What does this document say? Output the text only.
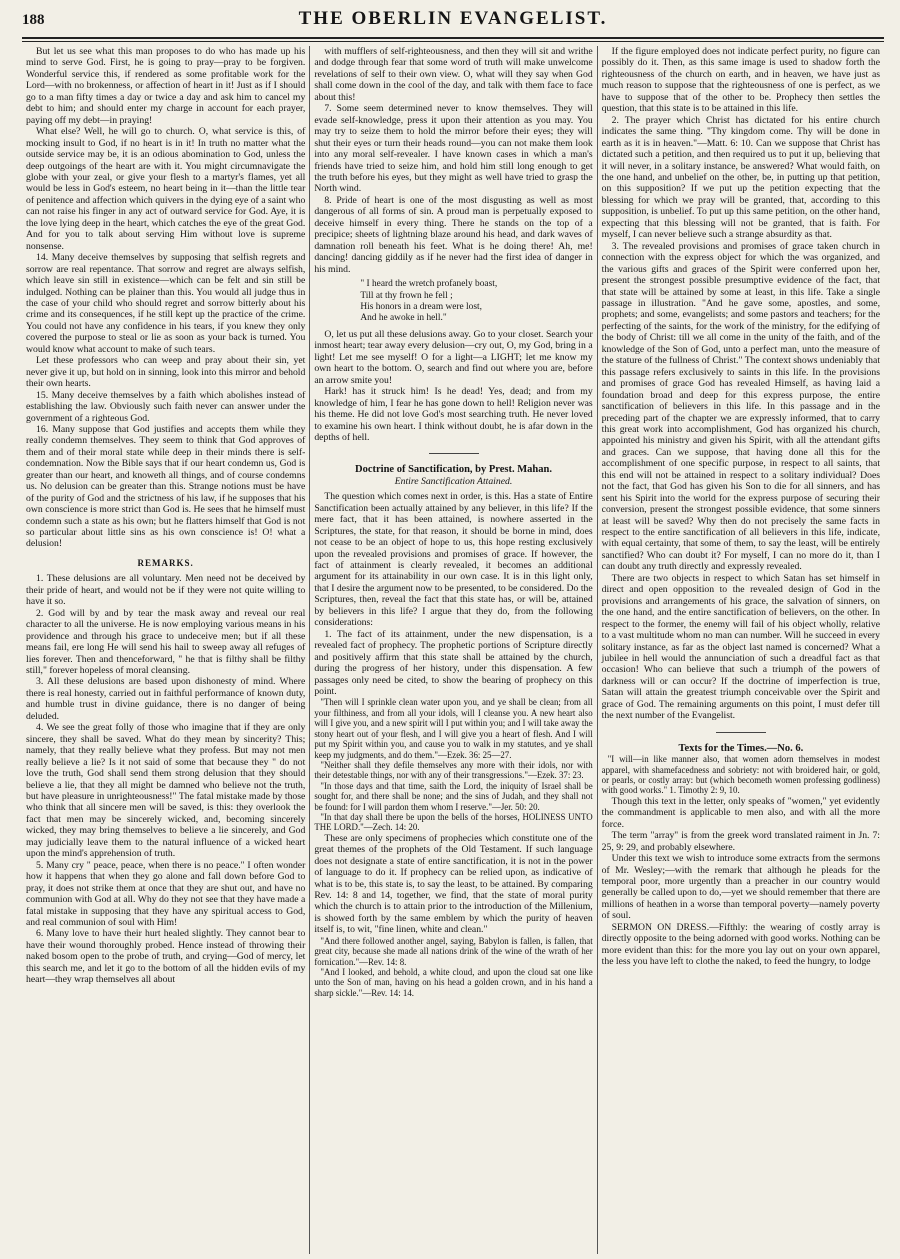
188	THE OBERLIN EVANGELIST.

But let us see what this man proposes to do who has made up his mind to serve God. First, he is going to pray—pray to be forgiven. Wonderful service this, if rendered as some profitable work for the Lord—with no brokenness, or affection of heart in it! Just as if I should go to a man fifty times a day or twice a day and ask him to cancel my debt to him; and should enter my charge in account for each prayer, paying off my debt—in praying!

What else? Well, he will go to church. O, what service is this, of mocking insult to God, if no heart is in it! In truth no matter what the outside service may be, it is an odious abomination to God, unless the deep outgoings of the heart are with it. You might circumnavigate the globe with your zeal, or give your flesh to a martyr's flames, yet all would be less in God's esteem, no heart being in it—than the little tear of penitence and affection which quivers in the dying eye of a saint who can not raise his finger in any act of outward service for God. Aye, it is the love lying deep in the heart, which catches the eye of the great God. And for you to talk about serving Him without love is supreme nonsense.

14. Many deceive themselves by supposing that selfish regrets and sorrow are real repentance. That sorrow and regret are always selfish, which leave sin still in existence—which can be felt and sin still be indulged. Nothing can be plainer than this. You would all judge thus in the case of your child who should regret and sorrow bitterly about his crime and its consequences, if he still kept up the practice of the crime. You could not have any confidence in his tears, if you knew they only covered the purpose to steal or lie as soon as your back is turned. You would know what account to make of such tears.

Let these professors who can weep and pray about their sin, yet never give it up, but hold on in sinning, look into this mirror and behold their own hearts.

15. Many deceive themselves by a faith which abolishes instead of establishing the law. Obviously such faith never can answer under the government of a righteous God.

16. Many suppose that God justifies and accepts them while they really condemn themselves. They seem to think that God approves of them and of their moral state while deep in their minds there is self-condemnation. Now the Bible says that if our heart condemn us, God is greater than our heart, and knoweth all things, and of course condemns us. No delusion can be greater than this. Strange notions must be have of the purity of God and the strictness of his law, if he supposes that his own conscience is more strict than God is. He sees that he himself must condemn such a state as his own; but he flatters himself that God is not so particular about little sins as his own conscience is! O! what a delusion!

REMARKS.

1. These delusions are all voluntary. Men need not be deceived by their pride of heart, and would not be if they were not quite willing to have it so.

2. God will by and by tear the mask away and reveal our real character to all the universe. He is now employing various means in his providence and through his grace to undeceive men; but if all these means fail, ere long He will send his hail to sweep away all refuges of lies forever. Then and thenceforward, " he that is filthy shall be filthy still," forever hopeless of moral cleansing.

3. All these delusions are based upon dishonesty of mind. Where there is real honesty, carried out in faithful performance of known duty, and humble trust in divine guidance, there is no danger of being deluded.

4. We see the great folly of those who imagine that if they are only sincere, they shall be saved. What do they mean by sincerity? This; namely, that they really believe what they profess. But may not men really believe a lie? Is it not said of some that because they " do not love the truth, God shall send them strong delusion that they should believe a lie, that they all might be damned who believe not the truth, but have pleasure in unrighteousness!" The fatal mistake made by those who think that all sincere men will be saved, is this: they overlook the fact that men may be sincerely wicked, and, becoming sincerely wicked, they may bring themselves to believe a lie sincerely, and God may judicially leave them to the natural influence of a wicked heart upon the mind's apprehension of truth.

5. Many cry " peace, peace, when there is no peace." I often wonder how it happens that when they go alone and fall down before God to pray, it does not strike them at once that they are shut out, and have no communion with God at all. Why do they not see that they have made a fatal mistake in supposing that they have any spiritual access to God, and real communion of soul with Him!

6. Many love to have their hurt healed slightly. They cannot bear to have their wound thoroughly probed. Hence instead of throwing their naked bosom open to the probe of truth, and crying—God of mercy, let this search me, and let it go to the bottom of all the hidden evils of my heart—they wrap themselves all about

with mufflers of self-righteousness, and then they will sit and writhe and dodge through fear that some word of truth will make unwelcome revelations of self to their own view. O, what will they say when God shall come down in the cool of the day, and talk with them face to face about this!

7. Some seem determined never to know themselves. They will evade self-knowledge, press it upon their attention as you may. You may try to seize them to hold the mirror before their eyes; they will shut their eyes or turn their heads round—you can not make them look into any moral self-revealer. I have known cases in which a man's friends have tried to seize him, and hold him still long enough to get the truth before his eyes, but they might as well have tried to grasp the North wind.

8. Pride of heart is one of the most disgusting as well as most dangerous of all forms of sin. A proud man is perpetually exposed to deceive himself in every thing. There he stands on the top of a precipice; sheets of lightning blaze around his head, and dark waves of damnation roll beneath his feet. What is he doing there! Ah, me! dancing! dancing giddily as if he never had the first idea of danger in his mind.

" I heard the wretch profanely boast,
Till at thy frown he fell ;
His honors in a dream were lost,
And he awoke in hell."

O, let us put all these delusions away. Go to your closet. Search your inmost heart; tear away every delusion—cry out, O, my God, bring in a light! Let me see myself! O for a light—a LIGHT; let me know my own heart to the bottom. O, search and find out where you are, before an arrow smite you!

Hark! has it struck him! Is he dead! Yes, dead; and from my knowledge of him, I fear he has gone down to hell! Religion never was his theme. He did not love God's most searching truth. He never loved to examine his own heart. I think without doubt, he is afar down in the depths of hell.

Doctrine of Sanctification, by Prest. Mahan.

Entire Sanctification Attained.

The question which comes next in order, is this. Has a state of Entire Sanctification been actually attained by any believer, in this life? If the mere fact, that it has been attained, is nowhere asserted in the Scriptures, the state, for that reason, it should be borne in mind, does not cease to be an object of hope to us, this hope resting exclusively upon the revealed provisions and promises of grace. If however, the fact of attainment is clearly revealed, it becomes an additional argument for its attainability in our own case. It is in this light only, that I desire the argument now to be presented, to be considered. Do the Scriptures, then, reveal the fact that this state has, or will be, attained by believers in this life? I argue that they do, from the following considerations:

1. The fact of its attainment, under the new dispensation, is a revealed fact of prophecy. The prophetic portions of Scripture directly and positively affirm that this state shall be attained by the church, during the progress of her history, under this dispensation. A few passages only need be cited, to show the bearing of prophecy on this point.

"Then will I sprinkle clean water upon you, and ye shall be clean; from all your filthiness, and from all your idols, will I cleanse you. A new heart also will I give you, and a new spirit will I put within you; and I will take away the stony heart out of your flesh, and I will give you a heart of flesh. And I will put my Spirit within you, and cause you to walk in my statutes, and ye shall keep my judgments, and do them."—Ezek. 36: 25—27.

"Neither shall they defile themselves any more with their idols, nor with their detestable things, nor with any of their transgressions."—Ezek. 37: 23.

"In those days and that time, saith the Lord, the iniquity of Israel shall be sought for, and there shall be none; and the sins of Judah, and they shall not be found: for I will pardon them whom I reserve."—Jer. 50: 20.

"In that day shall there be upon the bells of the horses, HOLINESS UNTO THE LORD."—Zech. 14: 20.

These are only specimens of prophecies which constitute one of the great themes of the prophets of the Old Testament. If such language does not designate a state of entire sanctification, it is not in the power of language to do it. If prophecy can be relied upon, as indicative of what is to be, this state is, to say the least, to be attained. By comparing Rev. 14: 8 and 14, together, we find, that the state of moral purity which the church is to attain prior to the introduction of the Millenium, is showed forth by the same emblem by which the purity of heaven itself is, to wit, "fine linen, white and clean."

"And there followed another angel, saying, Babylon is fallen, is fallen, that great city, because she made all nations drink of the wine of the wrath of her fornication."—Rev. 14: 8.

"And I looked, and behold, a white cloud, and upon the cloud sat one like unto the Son of man, having on his head a golden crown, and in his hand a sharp sickle."—Rev. 14: 14.

If the figure employed does not indicate perfect purity, no figure can possibly do it. Then, as this same image is used to shadow forth the righteousness of the church on earth, and in heaven, we have just as much reason to suppose that the righteousness of one is perfect, as we have to suppose that of the other to be. Prophecy then settles the question, that this state is to be attained in this life.

2. The prayer which Christ has dictated for his entire church indicates the same thing. "Thy kingdom come. Thy will be done in earth as it is in heaven."—Matt. 6: 10. Can we suppose that Christ has dictated such a petition, and then required us to put it up, believing that it will never, in a solitary instance, be answered? What would faith, on the one hand, and unbelief on the other, be, in putting up that petition, on this supposition? If we put up the petition expecting that the blessing for which we pray will be granted, that, according to this supposition, is unbelief. To put up this same petition, on the other hand, expecting that this blessing will not be granted, that is faith. For myself, I can never believe such a strange absurdity as that.

3. The revealed provisions and promises of grace taken church in connection with the express object for which the was organized, and the various gifts and graces of the Spirit were conferred upon her, present the strongest possible presumptive evidence of the fact, that that state will be attained by some at least, in this life. Take a single passage in illustration. "And he gave some, apostles, and some, prophets; and some, evangelists; and some pastors and teachers; for the perfecting of the saints, for the work of the ministry, for the edifying of the body of Christ: till we all come in the unity of the faith, and of the knowledge of the Son of God, unto a perfect man, unto the measure of the stature of the fullness of Christ." The context shows undeniably that this passage refers exclusively to saints in this life. In the provisions and promises of grace God has revealed Himself, as having laid a foundation broad and deep for this express purpose, the entire sanctification of believers in this life. In this passage and in the preceding part of the chapter we are expressly informed, that to carry this great work into accomplishment, God has organized his church, appointed his ministry and given his Spirit, with all the attendant gifts and graces. Can we suppose, that having done all this for the accomplishment of one specific purpose, in respect to all saints, that this end will not be attained in respect to a solitary individual? Does not the fact, that God has given his Son to die for all sinners, and has sent his Spirit into the world for the express purpose of securing their conversion, present the strongest possible evidence, that some sinners at least will be saved? Why then do not precisely the same facts in respect to the entire sanctification of all believers in this life, indicate, with equal certainty, that some of them, to say the least, will be entirely sanctified? Who can doubt it? For myself, I can no more do it, than I can doubt any truth directly and expressly revealed.

There are two objects in respect to which Satan has set himself in direct and open opposition to the revealed design of God in the provisions and arrangements of his grace, the salvation of sinners, on the one hand, and the entire sanctification of believers, on the other. In respect to the former, the enemy will fail of his object wholly, relative to a vast multitude whom no man can number. Will he succeed in every solitary instance, as far as the object last named is concerned? What a jubilee in hell would the annunciation of such a dreadful fact as that occasion! Who can believe that such a triumph of the powers of darkness will or can occur? If the doctrine of imperfection is true, Satan will attain the greatest triumph conceivable over the Spirit and grace of God. The remaining arguments on this point, I must defer till the next number of the Evangelist.

Texts for the Times.—No. 6.

"I will—in like manner also, that women adorn themselves in modest apparel, with shamefacedness and sobriety: not with broidered hair, or gold, or pearls, or costly array: but (which becometh women professing godliness) with good works." 1. Timothy 2: 9, 10.

Though this text in the letter, only speaks of "women," yet evidently the commandment is applicable to men also, and with all the more force.

The term "array" is from the greek word translated raiment in Jn. 7: 25, 9: 29, and probably elsewhere.

Under this text we wish to introduce some extracts from the sermons of Mr. Wesley;—with the remark that although he pleads for the temporal poor, more urgently than a preacher in our country would generally be called upon to do,—yet we should remember that there are millions of heathen in a worse than temporal poverty—namely poverty of soul.

SERMON ON DRESS.—Fifthly: the wearing of costly array is directly opposite to the being adorned with good works. Nothing can be more evident than this: for the more you lay out on your own apparel, the less you have left to clothe the naked, to feed the hungry, to lodge
